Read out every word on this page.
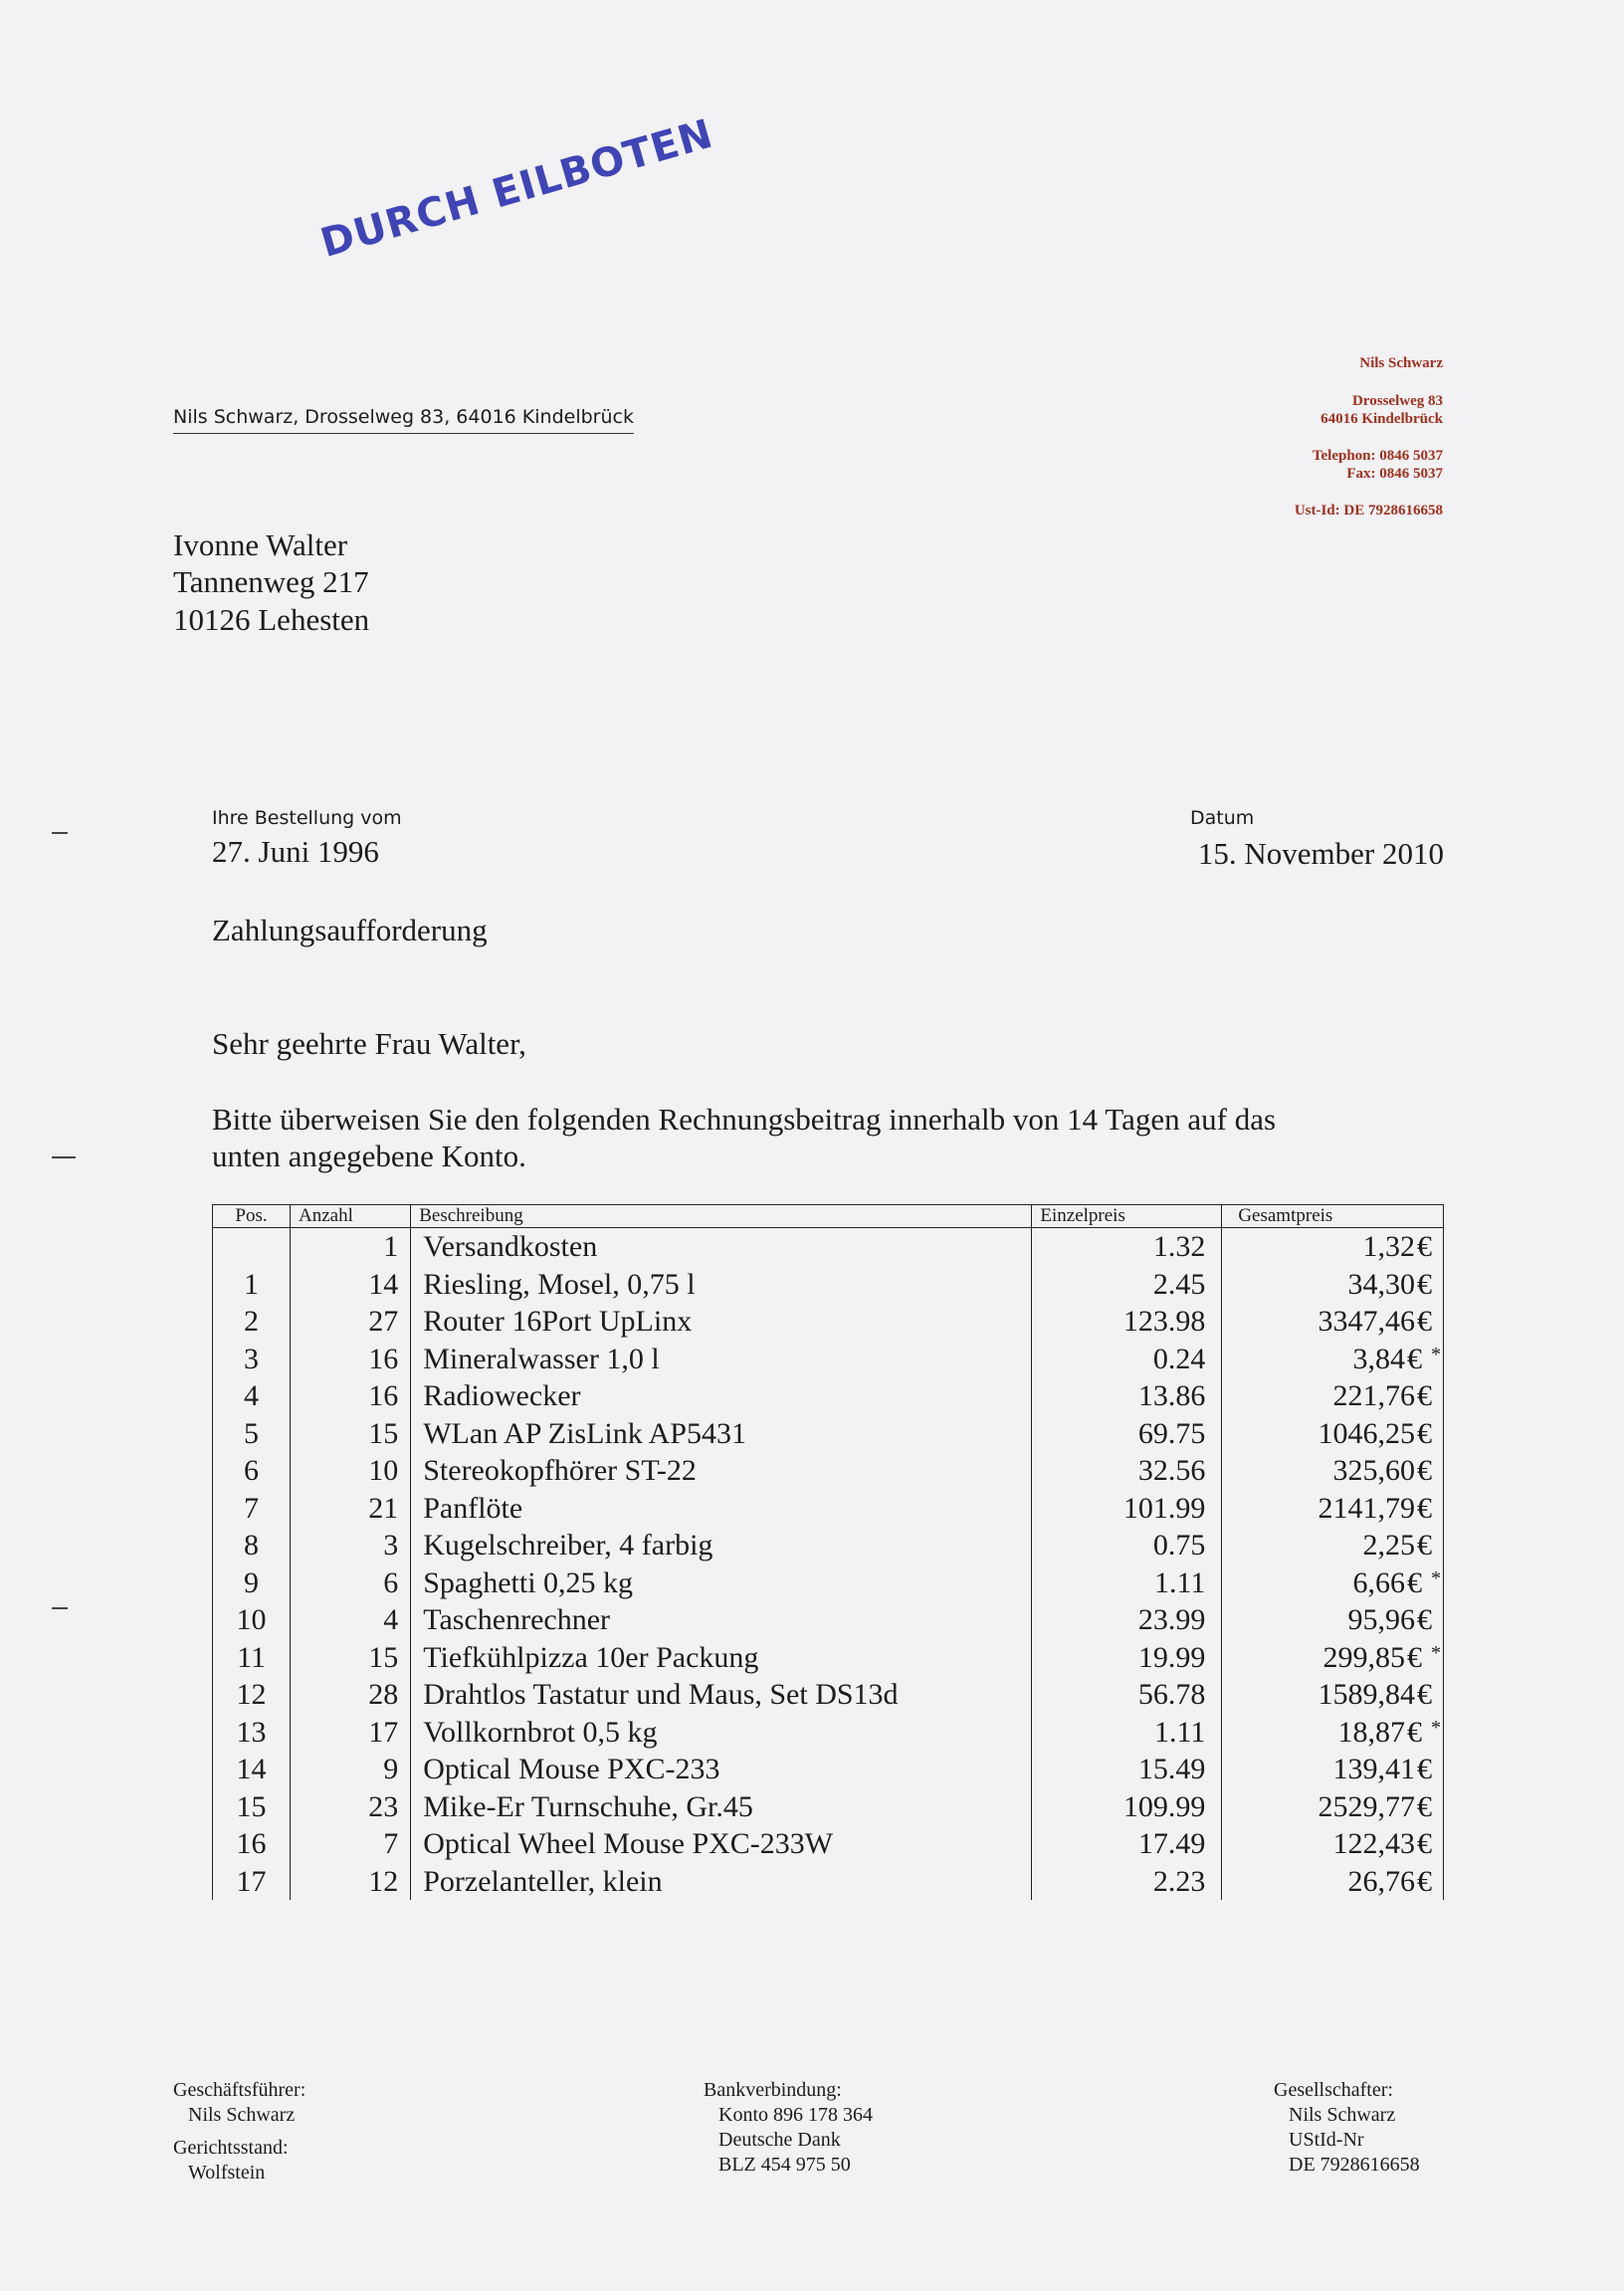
DURCH EILBOTEN
Nils Schwarz, Drosselweg 83, 64016 Kindelbrück
Nils Schwarz
Drosselweg 83
64016 Kindelbrück
Telephon: 0846 5037
Fax: 0846 5037
Ust-Id: DE 7928616658
Ivonne Walter
Tannenweg 217
10126 Lehesten
Ihre Bestellung vom
27. Juni 1996
Datum
15. November 2010
Zahlungsaufforderung
Sehr geehrte Frau Walter,
Bitte überweisen Sie den folgenden Rechnungsbeitrag innerhalb von 14 Tagen auf das
unten angegebene Konto.
Pos.	Anzahl	Beschreibung	Einzelpreis	Gesamtpreis
	1	Versandkosten	1.32	1,32€
1	14	Riesling, Mosel, 0,75 l	2.45	34,30€
2	27	Router 16Port UpLinx	123.98	3347,46€
3	16	Mineralwasser 1,0 l	0.24	3,84€ *
4	16	Radiowecker	13.86	221,76€
5	15	WLan AP ZisLink AP5431	69.75	1046,25€
6	10	Stereokopfhörer ST-22	32.56	325,60€
7	21	Panflöte	101.99	2141,79€
8	3	Kugelschreiber, 4 farbig	0.75	2,25€
9	6	Spaghetti 0,25 kg	1.11	6,66€ *
10	4	Taschenrechner	23.99	95,96€
11	15	Tiefkühlpizza 10er Packung	19.99	299,85€ *
12	28	Drahtlos Tastatur und Maus, Set DS13d	56.78	1589,84€
13	17	Vollkornbrot 0,5 kg	1.11	18,87€ *
14	9	Optical Mouse PXC-233	15.49	139,41€
15	23	Mike-Er Turnschuhe, Gr.45	109.99	2529,77€
16	7	Optical Wheel Mouse PXC-233W	17.49	122,43€
17	12	Porzelanteller, klein	2.23	26,76€
Geschäftsführer:
Nils Schwarz
Gerichtsstand:
Wolfstein
Bankverbindung:
Konto 896 178 364
Deutsche Dank
BLZ 454 975 50
Gesellschafter:
Nils Schwarz
UStId-Nr
DE 7928616658
